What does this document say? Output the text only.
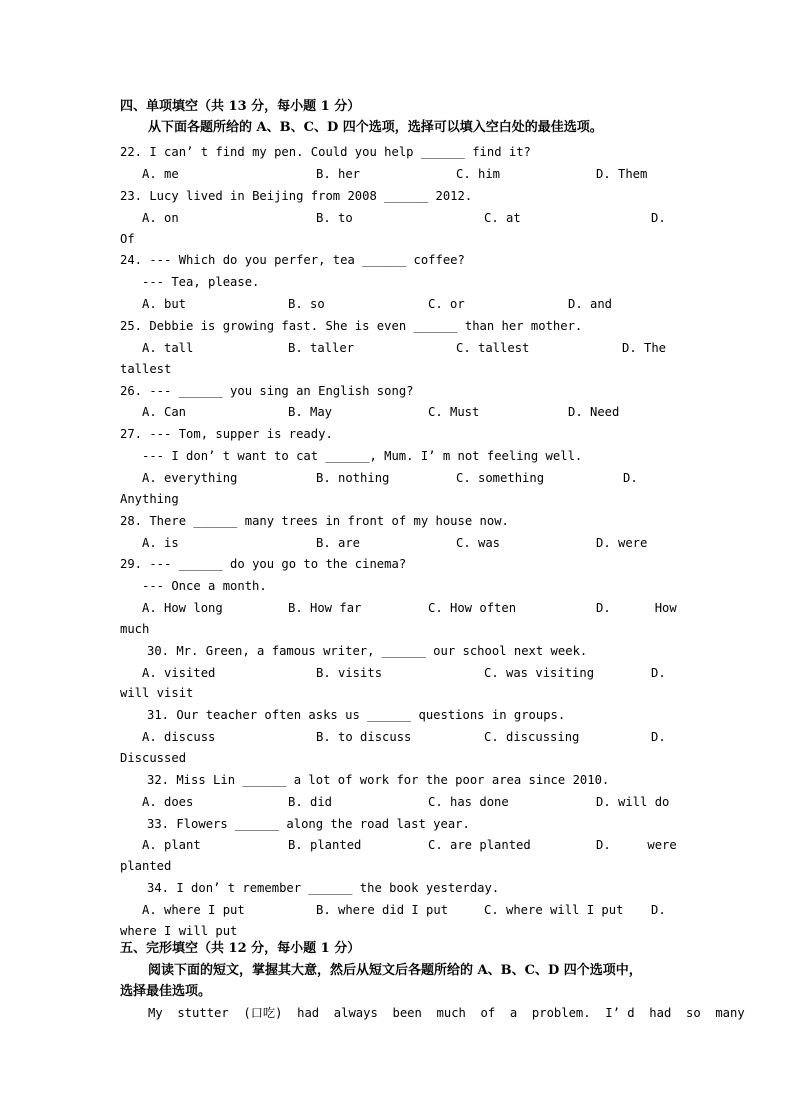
四、单项填空（共 13 分，每小题 1 分）
从下面各题所给的 A、B、C、D 四个选项，选择可以填入空白处的最佳选项。
22. I can’ t find my pen. Could you help ______ find it?
A. me	B. her	C. him	D. Them
23. Lucy lived in Beijing from 2008 ______ 2012.
A. on	B. to	C. at	D.
Of
24. --- Which do you perfer, tea ______ coffee?
--- Tea, please.
A. but	B. so	C. or	D. and
25. Debbie is growing fast. She is even ______ than her mother.
A. tall	B. taller	C. tallest	D. The
tallest
26. --- ______ you sing an English song?
A. Can	B. May	C. Must	D. Need
27. --- Tom, supper is ready.
--- I don’ t want to cat ______, Mum. I’ m not feeling well.
A. everything	B. nothing	C. something	D.
Anything
28. There ______ many trees in front of my house now.
A. is	B. are	C. was	D. were
29. --- ______ do you go to the cinema?
--- Once a month.
A. How long	B. How far	C. How often	D.      How
much
30. Mr. Green, a famous writer, ______ our school next week.
A. visited	B. visits	C. was visiting	D.
will visit
31. Our teacher often asks us ______ questions in groups.
A. discuss	B. to discuss	C. discussing	D.
Discussed
32. Miss Lin ______ a lot of work for the poor area since 2010.
A. does	B. did	C. has done	D. will do
33. Flowers ______ along the road last year.
A. plant	B. planted	C. are planted	D.     were
planted
34. I don’ t remember ______ the book yesterday.
A. where I put	B. where did I put	C. where will I put D.
where I will put
五、完形填空（共 12 分，每小题 1 分）
阅读下面的短文，掌握其大意，然后从短文后各题所给的 A、B、C、D 四个选项中，
选择最佳选项。
My  stutter  (口吃)  had  always  been  much  of  a  problem.  I’ d  had  so  many
